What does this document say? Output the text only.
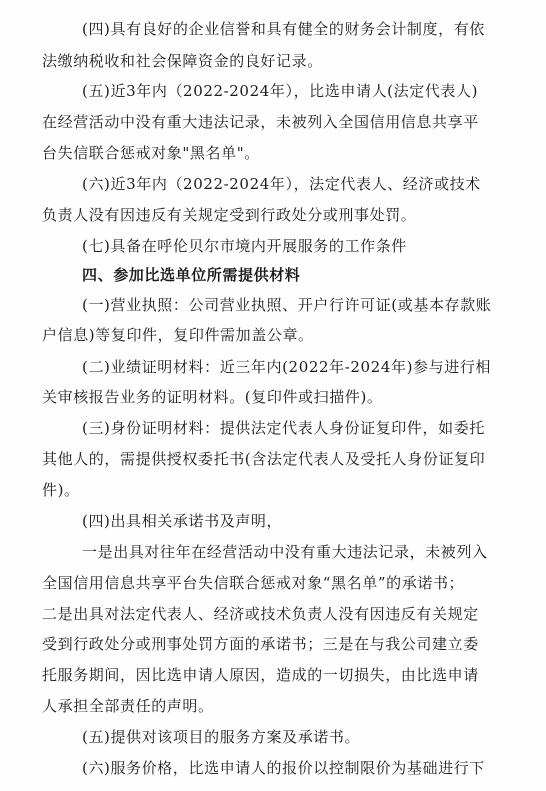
(四)具有良好的企业信誉和具有健全的财务会计制度，有依
法缴纳税收和社会保障资金的良好记录。
(五)近3年内（2022-2024年），比选申请人(法定代表人)
在经营活动中没有重大违法记录，未被列入全国信用信息共享平
台失信联合惩戒对象"黑名单"。
(六)近3年内（2022-2024年），法定代表人、经济或技术
负责人没有因违反有关规定受到行政处分或刑事处罚。
(七)具备在呼伦贝尔市境内开展服务的工作条件
四、参加比选单位所需提供材料
(一)营业执照：公司营业执照、开户行许可证(或基本存款账
户信息)等复印件，复印件需加盖公章。
(二)业绩证明材料：近三年内(2022年-2024年)参与进行相
关审核报告业务的证明材料。(复印件或扫描件)。
(三)身份证明材料：提供法定代表人身份证复印件，如委托
其他人的，需提供授权委托书(含法定代表人及受托人身份证复印
件)。
(四)出具相关承诺书及声明，
一是出具对往年在经营活动中没有重大违法记录，未被列入
全国信用信息共享平台失信联合惩戒对象“黑名单”的承诺书；
二是出具对法定代表人、经济或技术负责人没有因违反有关规定
受到行政处分或刑事处罚方面的承诺书；三是在与我公司建立委
托服务期间，因比选申请人原因，造成的一切损失，由比选申请
人承担全部责任的声明。
(五)提供对该项目的服务方案及承诺书。
(六)服务价格，比选申请人的报价以控制限价为基础进行下
